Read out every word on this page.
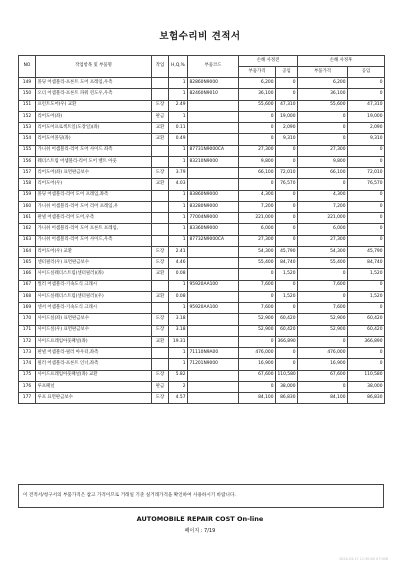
보험수리비 견적서
NO	작업항목 및 부품명	작업	H,Q,%	부품코드	손해 사정전		손해 사정후	
					부품가격	공임	부품가격	공임
149	몰딩 어셈블리-프론트 도어 프레임,우측		1	82860N9000	6,200	0	6,200	0
150	오더 어셈블리-프론트 파워 윈도우,우측		1	82460N9010	36,100	0	36,100	0
151	프런트도어(우) 교환	도장	2.49		55,600	47,310	55,600	47,310
152	리어도어(좌)	판금	1		0	19,000	0	19,000
153	리어도어프로젝트일(도장일)(좌)	교환	0.11		0	2,090	0	2,090
154	리어도어몰딩(좌)	교환	0.49		0	9,310	0	9,310
155	가니쉬 어셈블리-리어 도어 사이드 좌측		1	87731N9000CA	27,300	0	27,300	0
156	웨더스트립 어셈블리-리어 도어 벨트 아웃		1	83210N9000	9,800	0	9,800	0
157	리어도어(좌) 표면판금보수	도장	3.79		66,100	72,010	66,100	72,010
158	리어도어(우)	교환	4.03		0	76,570	0	76,570
159	몰딩 어셈블리-리어 도어 프레임,좌측		1	83860N9000	4,300	0	4,300	0
160	가니쉬 어셈블리-리어 도어 리어 프레임,우		1	83280N9000	7,200	0	7,200	0
161	판넬 어셈블리-리어 도어,우측		1	77004N9000	221,000	0	221,000	0
162	가니쉬 어셈블리-리어 도어 프론트 프레임,		1	83360N9000	6,000	0	6,000	0
163	가니쉬 어셈블리-리어 도어 사이드,우측		1	87732N9000CA	27,300	0	27,300	0
164	리어도어(우) 교환	도장	2.41		54,300	45,790	54,300	45,790
165	센터필러(우) 표면판금보수	도장	4.46		55,400	84,740	55,400	84,740
166	사이드실웨더스트립(센터필러)(좌)	교환	0.08		0	1,520	0	1,520
167	씰러 어셈블리-기속도식 크래시		1	95920AA100	7,600	0	7,600	0
168	사이드실웨더스트립(센터필러)(우)	교환	0.08		0	1,520	0	1,520
169	센서 어셈블리-기속도식 크래시		1	95920AA100	7,600	0	7,600	0
170	사이드실(좌) 표면판금보수	도장	3.18		52,900	60,420	52,900	60,420
171	사이드실(우) 표면판금보수	도장	3.18		52,900	60,420	52,900	60,420
172	사이드프레임아웃패널(좌)	교환	19.31		0	366,890	0	366,890
173	판넬 어셈블리-필러 아우터,좌측		1	71110N9A00	476,000	0	476,000	0
174	필러 어셈블리-프론트 인너,좌측		1	71201N9000	16,900	0	16,900	0
175	사이드프레임아웃패널(좌) 교환	도장	5.82		67,600	110,580	67,600	110,580
176	루프패널	판금	2		0	38,000	0	38,000
177	루프 표면판금보수	도장	4.57		84,100	86,830	84,100	86,830
이 견적서/청구서의 부품가격은 참고 가격이므로 거래일 기준 실거래가격을 확인하여 사용하시기 바랍니다.
AUTOMOBILE REPAIR COST On-line
페이지 : 7/19
2024-03-17 11:30:40 07:006
